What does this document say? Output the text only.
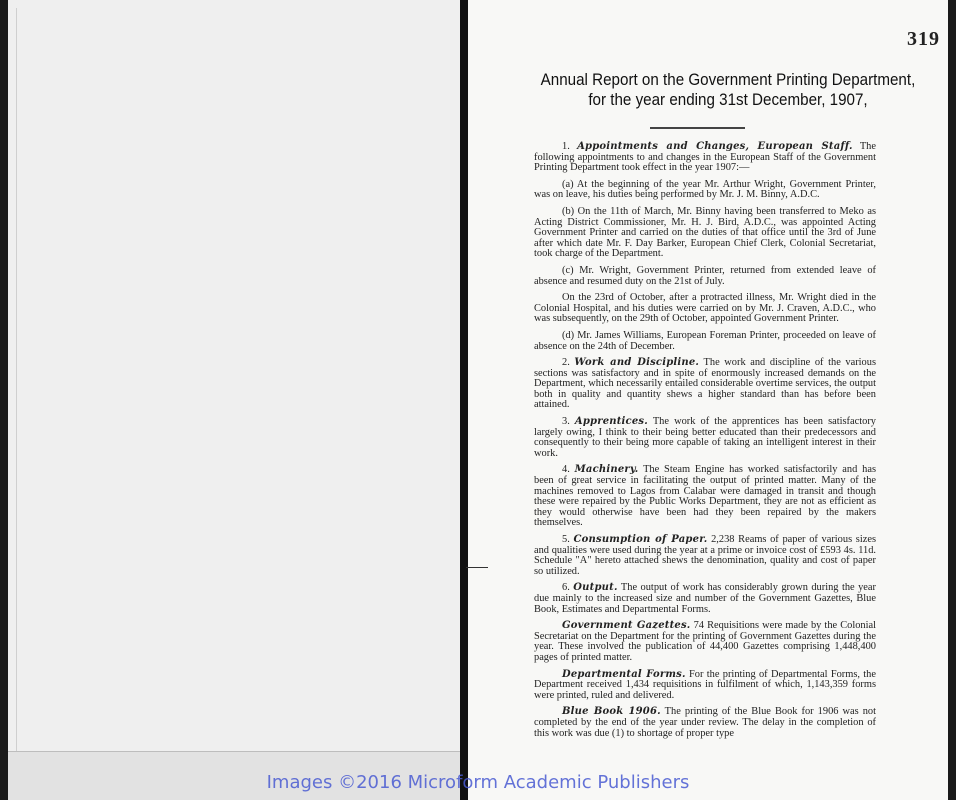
319
Annual Report on the Government Printing Department,
for the year ending 31st December, 1907,

1. Appointments and Changes, European Staff. The following appointments to and changes in the European Staff of the Government Printing Department took effect in the year 1907:—

(a) At the beginning of the year Mr. Arthur Wright, Government Printer, was on leave, his duties being performed by Mr. J. M. Binny, A.D.C.

(b) On the 11th of March, Mr. Binny having been transferred to Meko as Acting District Commissioner, Mr. H. J. Bird, A.D.C., was appointed Acting Government Printer and carried on the duties of that office until the 3rd of June after which date Mr. F. Day Barker, European Chief Clerk, Colonial Secretariat, took charge of the Department.

(c) Mr. Wright, Government Printer, returned from extended leave of absence and resumed duty on the 21st of July.

On the 23rd of October, after a protracted illness, Mr. Wright died in the Colonial Hospital, and his duties were carried on by Mr. J. Craven, A.D.C., who was subsequently, on the 29th of October, appointed Government Printer.

(d) Mr. James Williams, European Foreman Printer, proceeded on leave of absence on the 24th of December.

2. Work and Discipline. The work and discipline of the various sections was satisfactory and in spite of enormously increased demands on the Department, which necessarily entailed considerable overtime services, the output both in quality and quantity shews a higher standard than has before been attained.

3. Apprentices. The work of the apprentices has been satisfactory largely owing, I think to their being better educated than their predecessors and consequently to their being more capable of taking an intelligent interest in their work.

4. Machinery. The Steam Engine has worked satisfactorily and has been of great service in facilitating the output of printed matter. Many of the machines removed to Lagos from Calabar were damaged in transit and though these were repaired by the Public Works Department, they are not as efficient as they would otherwise have been had they been repaired by the makers themselves.

5. Consumption of Paper. 2,238 Reams of paper of various sizes and qualities were used during the year at a prime or invoice cost of £593 4s. 11d. Schedule "A" hereto attached shews the denomination, quality and cost of paper so utilized.

6. Output. The output of work has considerably grown during the year due mainly to the increased size and number of the Government Gazettes, Blue Book, Estimates and Departmental Forms.

Government Gazettes. 74 Requisitions were made by the Colonial Secretariat on the Department for the printing of Government Gazettes during the year. These involved the publication of 44,400 Gazettes comprising 1,448,400 pages of printed matter.

Departmental Forms. For the printing of Departmental Forms, the Department received 1,434 requisitions in fulfilment of which, 1,143,359 forms were printed, ruled and delivered.

Blue Book 1906. The printing of the Blue Book for 1906 was not completed by the end of the year under review. The delay in the completion of this work was due (1) to shortage of proper type

Images ©2016 Microform Academic Publishers
